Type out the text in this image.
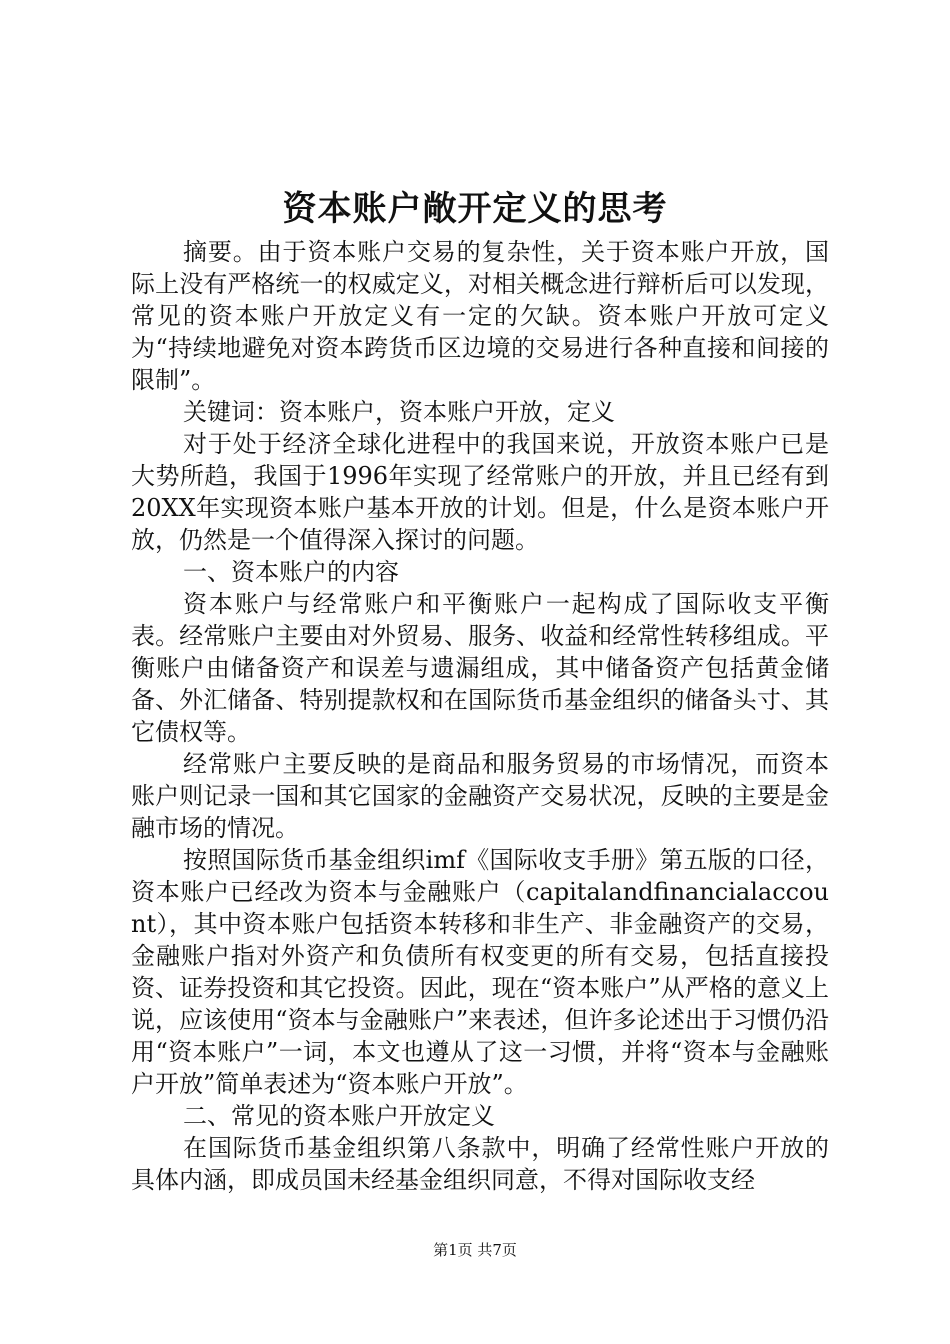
资本账户敞开定义的思考

摘要。由于资本账户交易的复杂性，关于资本账户开放，国际上没有严格统一的权威定义，对相关概念进行辩析后可以发现，常见的资本账户开放定义有一定的欠缺。资本账户开放可定义为“持续地避免对资本跨货币区边境的交易进行各种直接和间接的限制”。

关键词：资本账户，资本账户开放，定义

对于处于经济全球化进程中的我国来说，开放资本账户已是大势所趋，我国于1996年实现了经常账户的开放，并且已经有到20XX年实现资本账户基本开放的计划。但是，什么是资本账户开放，仍然是一个值得深入探讨的问题。

一、资本账户的内容

资本账户与经常账户和平衡账户一起构成了国际收支平衡表。经常账户主要由对外贸易、服务、收益和经常性转移组成。平衡账户由储备资产和误差与遗漏组成，其中储备资产包括黄金储备、外汇储备、特别提款权和在国际货币基金组织的储备头寸、其它债权等。

经常账户主要反映的是商品和服务贸易的市场情况，而资本账户则记录一国和其它国家的金融资产交易状况，反映的主要是金融市场的情况。

按照国际货币基金组织imf《国际收支手册》第五版的口径，资本账户已经改为资本与金融账户（capitalandfinancialaccount），其中资本账户包括资本转移和非生产、非金融资产的交易，金融账户指对外资产和负债所有权变更的所有交易，包括直接投资、证券投资和其它投资。因此，现在“资本账户”从严格的意义上说，应该使用“资本与金融账户”来表述，但许多论述出于习惯仍沿用“资本账户”一词，本文也遵从了这一习惯，并将“资本与金融账户开放”简单表述为“资本账户开放”。

二、常见的资本账户开放定义

在国际货币基金组织第八条款中，明确了经常性账户开放的具体内涵，即成员国未经基金组织同意，不得对国际收支经

第1页 共7页
